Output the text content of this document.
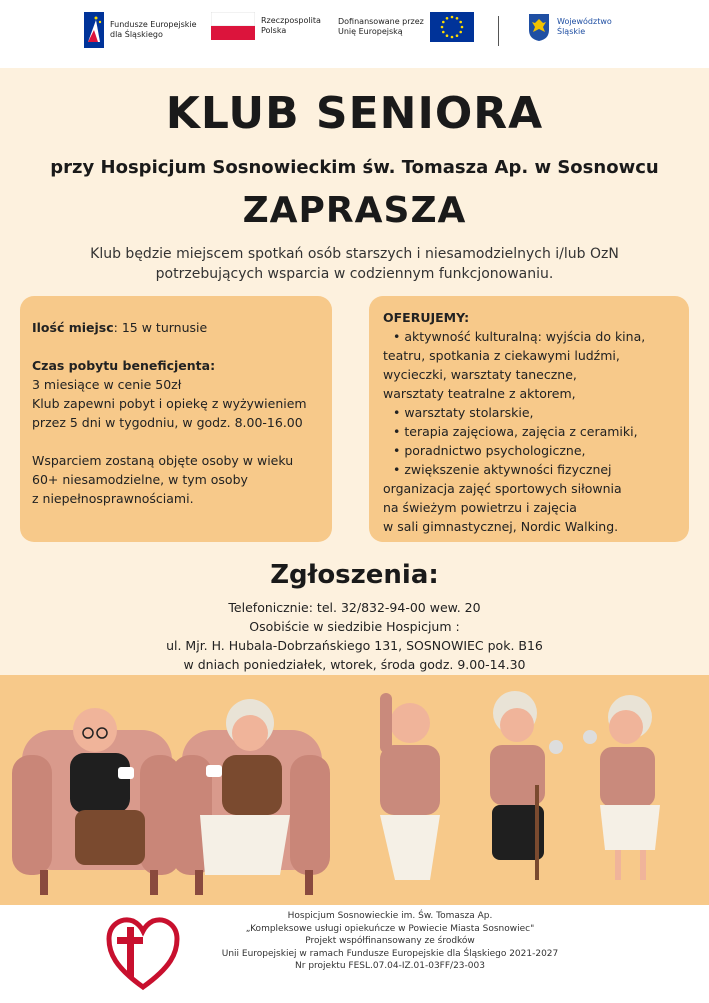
Fundusze Europejskie
dla Śląskiego
Rzeczpospolita
Polska
Dofinansowane przez
Unię Europejską
Województwo
Śląskie
KLUB SENIORA
przy Hospicjum Sosnowieckim św. Tomasza Ap. w Sosnowcu
ZAPRASZA
Klub będzie miejscem spotkań osób starszych i niesamodzielnych i/lub OzN
potrzebujących wsparcia w codziennym funkcjonowaniu.

Ilość miejsc: 15 w turnusie

Czas pobytu beneficjenta:
3 miesiące w cenie 50zł
Klub zapewni pobyt i opiekę z wyżywieniem
przez 5 dni w tygodniu, w godz. 8.00-16.00

Wsparciem zostaną objęte osoby w wieku
60+ niesamodzielne, w tym osoby
z niepełnosprawnościami.

OFERUJEMY:
• aktywność kulturalną: wyjścia do kina,
teatru, spotkania z ciekawymi ludźmi,
wycieczki, warsztaty taneczne,
warsztaty teatralne z aktorem,
• warsztaty stolarskie,
• terapia zajęciowa, zajęcia z ceramiki,
• poradnictwo psychologiczne,
• zwiększenie aktywności fizycznej
organizacja zajęć sportowych siłownia
na świeżym powietrzu i zajęcia
w sali gimnastycznej, Nordic Walking.
Zgłoszenia:
Telefonicznie: tel. 32/832-94-00 wew. 20
Osobiście w siedzibie Hospicjum :
ul. Mjr. H. Hubala-Dobrzańskiego 131, SOSNOWIEC pok. B16
w dniach poniedziałek, wtorek, środa godz. 9.00-14.30
Hospicjum Sosnowieckie im. Św. Tomasza Ap.
„Kompleksowe usługi opiekuńcze w Powiecie Miasta Sosnowiec"
Projekt współfinansowany ze środków
Unii Europejskiej w ramach Fundusze Europejskie dla Śląskiego 2021-2027
Nr projektu FESL.07.04-IZ.01-03FF/23-003
